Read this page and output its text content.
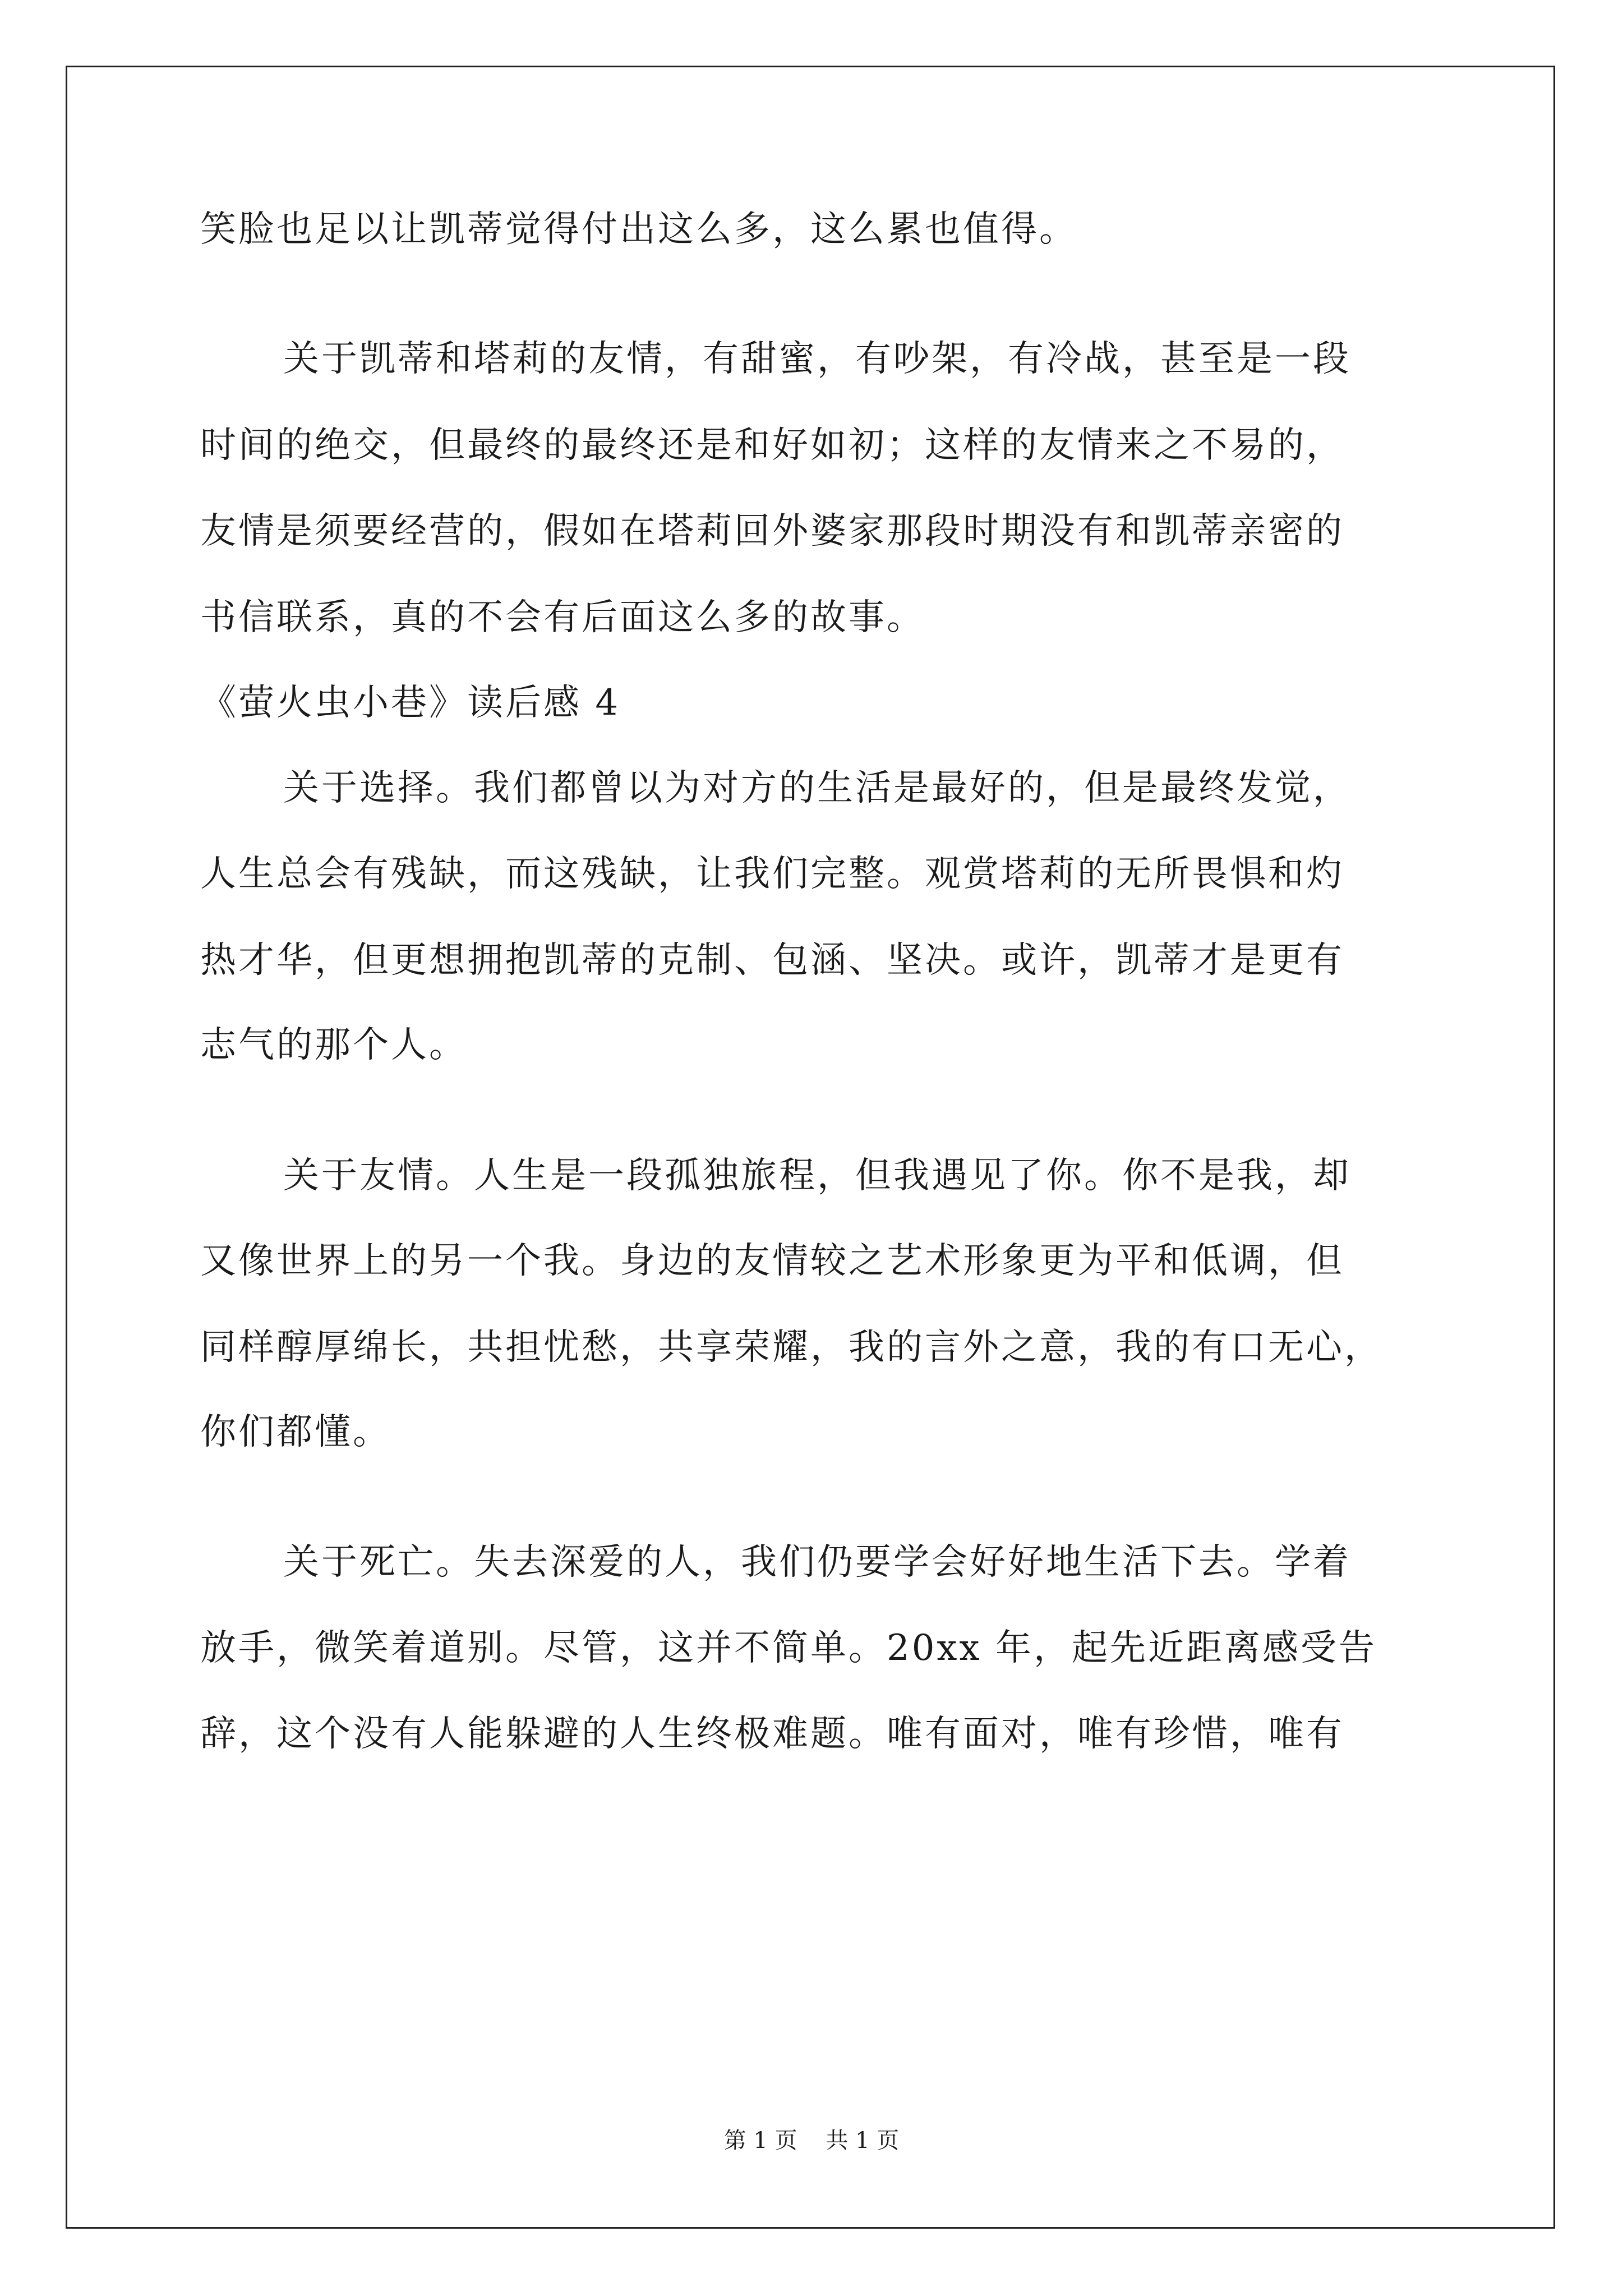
笑脸也足以让凯蒂觉得付出这么多，这么累也值得。
关于凯蒂和塔莉的友情，有甜蜜，有吵架，有冷战，甚至是一段
时间的绝交，但最终的最终还是和好如初；这样的友情来之不易的，
友情是须要经营的，假如在塔莉回外婆家那段时期没有和凯蒂亲密的
书信联系，真的不会有后面这么多的故事。
《萤火虫小巷》读后感 4
关于选择。我们都曾以为对方的生活是最好的，但是最终发觉，
人生总会有残缺，而这残缺，让我们完整。观赏塔莉的无所畏惧和灼
热才华，但更想拥抱凯蒂的克制、包涵、坚决。或许，凯蒂才是更有
志气的那个人。
关于友情。人生是一段孤独旅程，但我遇见了你。你不是我，却
又像世界上的另一个我。身边的友情较之艺术形象更为平和低调，但
同样醇厚绵长，共担忧愁，共享荣耀，我的言外之意，我的有口无心，
你们都懂。
关于死亡。失去深爱的人，我们仍要学会好好地生活下去。学着
放手，微笑着道别。尽管，这并不简单。20xx 年，起先近距离感受告
辞，这个没有人能躲避的人生终极难题。唯有面对，唯有珍惜，唯有
第 1 页    共 1 页
